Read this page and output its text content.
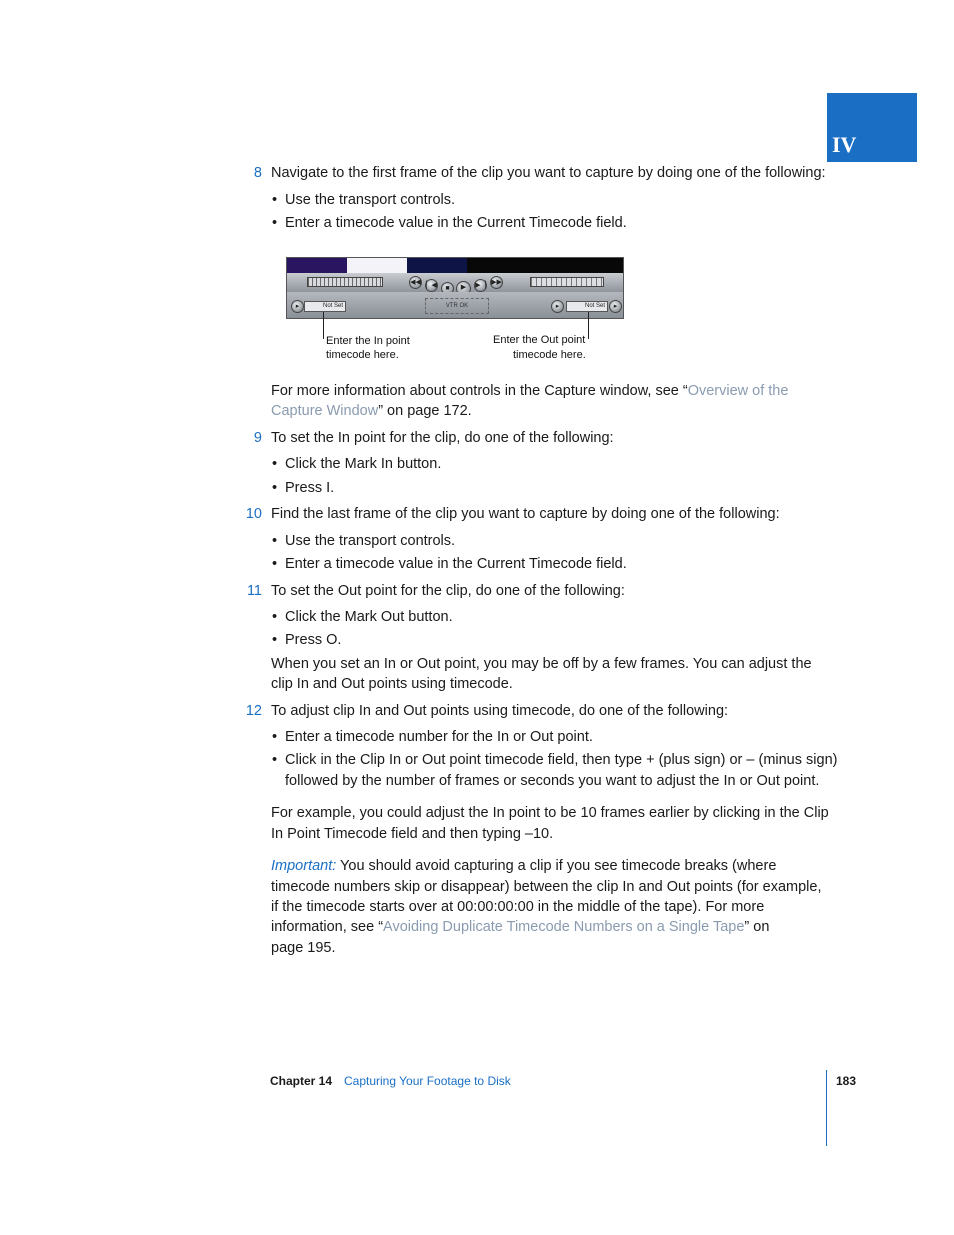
IV
8 Navigate to the first frame of the clip you want to capture by doing one of the following:
• Use the transport controls.
• Enter a timecode value in the Current Timecode field.
◀◀ ▏◀	■	▶	▶▕ ▶▶
▸	Not Set	VTR OK	▸	Not Set	▸
Enter the In point
timecode here.
Enter the Out point
timecode here.
For more information about controls in the Capture window, see “Overview of the
Capture Window” on page 172.
9 To set the In point for the clip, do one of the following:
• Click the Mark In button.
• Press I.
10 Find the last frame of the clip you want to capture by doing one of the following:
• Use the transport controls.
• Enter a timecode value in the Current Timecode field.
11 To set the Out point for the clip, do one of the following:
• Click the Mark Out button.
• Press O.
When you set an In or Out point, you may be off by a few frames. You can adjust the
clip In and Out points using timecode.
12 To adjust clip In and Out points using timecode, do one of the following:
• Enter a timecode number for the In or Out point.
• Click in the Clip In or Out point timecode field, then type + (plus sign) or – (minus sign)
followed by the number of frames or seconds you want to adjust the In or Out point.
For example, you could adjust the In point to be 10 frames earlier by clicking in the Clip
In Point Timecode field and then typing –10.
Important: You should avoid capturing a clip if you see timecode breaks (where
timecode numbers skip or disappear) between the clip In and Out points (for example,
if the timecode starts over at 00:00:00:00 in the middle of the tape). For more
information, see “Avoiding Duplicate Timecode Numbers on a Single Tape” on
page 195.
Chapter 14 Capturing Your Footage to Disk	183
